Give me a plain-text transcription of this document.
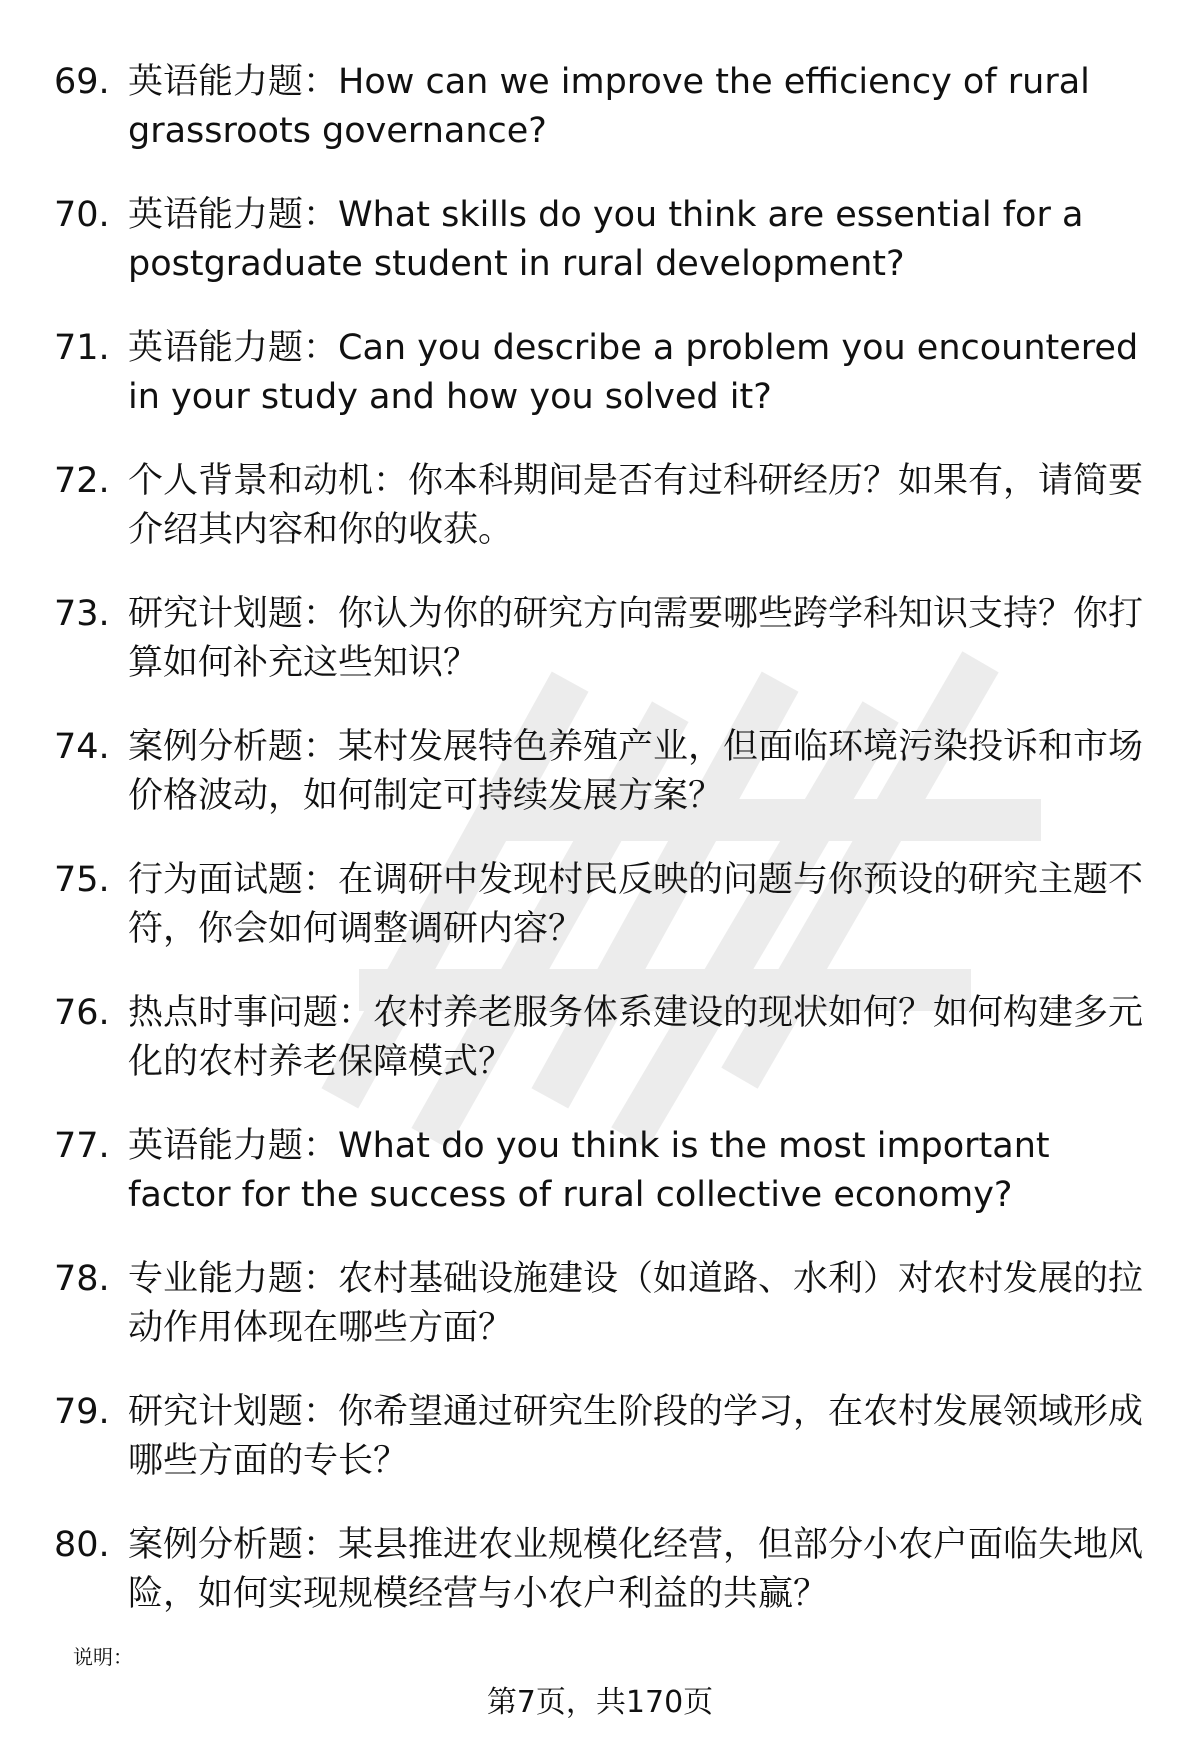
69. 英语能力题：How can we improve the efficiency of rural grassroots governance?
70. 英语能力题：What skills do you think are essential for a postgraduate student in rural development?
71. 英语能力题：Can you describe a problem you encountered in your study and how you solved it?
72. 个人背景和动机：你本科期间是否有过科研经历？如果有，请简要介绍其内容和你的收获。
73. 研究计划题：你认为你的研究方向需要哪些跨学科知识支持？你打算如何补充这些知识？
74. 案例分析题：某村发展特色养殖产业，但面临环境污染投诉和市场价格波动，如何制定可持续发展方案？
75. 行为面试题：在调研中发现村民反映的问题与你预设的研究主题不符，你会如何调整调研内容？
76. 热点时事问题：农村养老服务体系建设的现状如何？如何构建多元化的农村养老保障模式？
77. 英语能力题：What do you think is the most important factor for the success of rural collective economy?
78. 专业能力题：农村基础设施建设（如道路、水利）对农村发展的拉动作用体现在哪些方面？
79. 研究计划题：你希望通过研究生阶段的学习，在农村发展领域形成哪些方面的专长？
80. 案例分析题：某县推进农业规模化经营，但部分小农户面临失地风险，如何实现规模经营与小农户利益的共赢？
说明：
第7页，共170页
